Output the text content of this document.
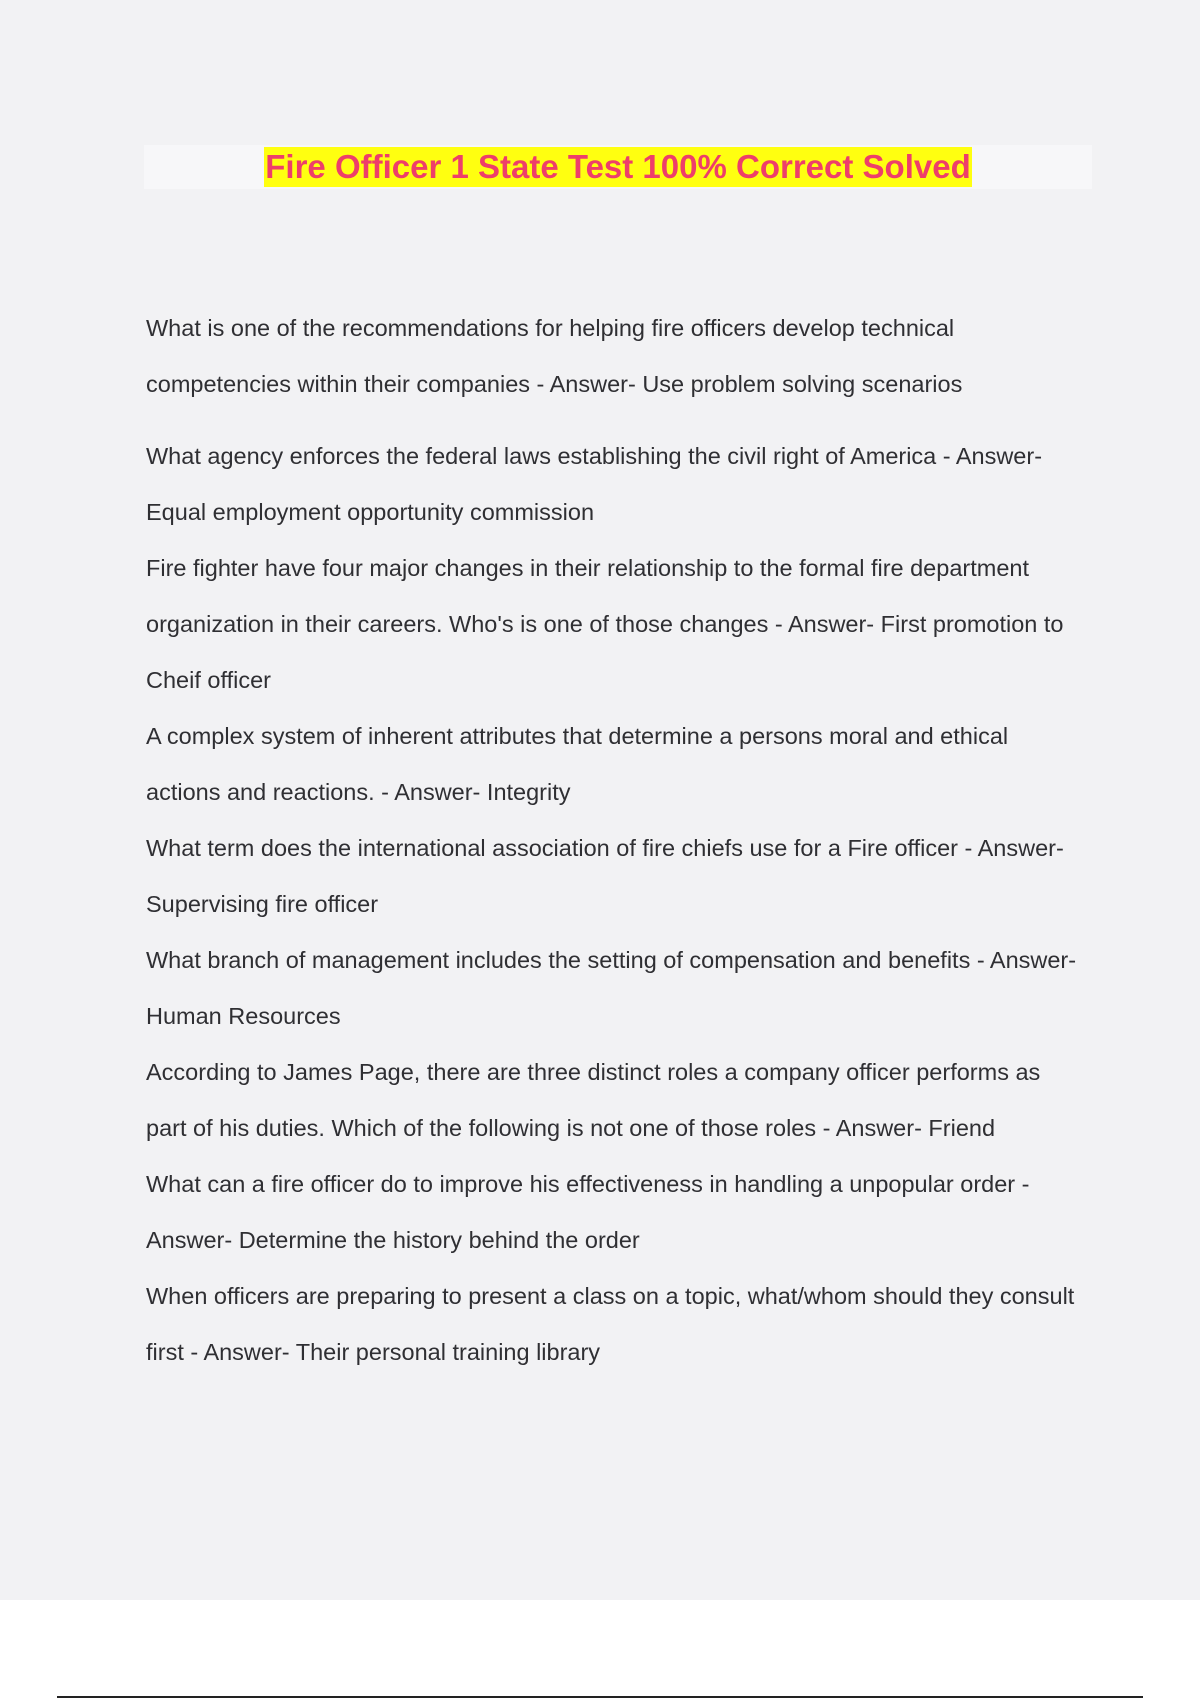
Fire Officer 1 State Test 100% Correct Solved

What is one of the recommendations for helping fire officers develop technical competencies within their companies - Answer- Use problem solving scenarios

What agency enforces the federal laws establishing the civil right of America - Answer- Equal employment opportunity commission

Fire fighter have four major changes in their relationship to the formal fire department organization in their careers. Who's is one of those changes - Answer- First promotion to Cheif officer

A complex system of inherent attributes that determine a persons moral and ethical actions and reactions. - Answer- Integrity

What term does the international association of fire chiefs use for a Fire officer - Answer- Supervising fire officer

What branch of management includes the setting of compensation and benefits - Answer- Human Resources

According to James Page, there are three distinct roles a company officer performs as part of his duties. Which of the following is not one of those roles - Answer- Friend

What can a fire officer do to improve his effectiveness in handling a unpopular order - Answer- Determine the history behind the order

When officers are preparing to present a class on a topic, what/whom should they consult first - Answer- Their personal training library
